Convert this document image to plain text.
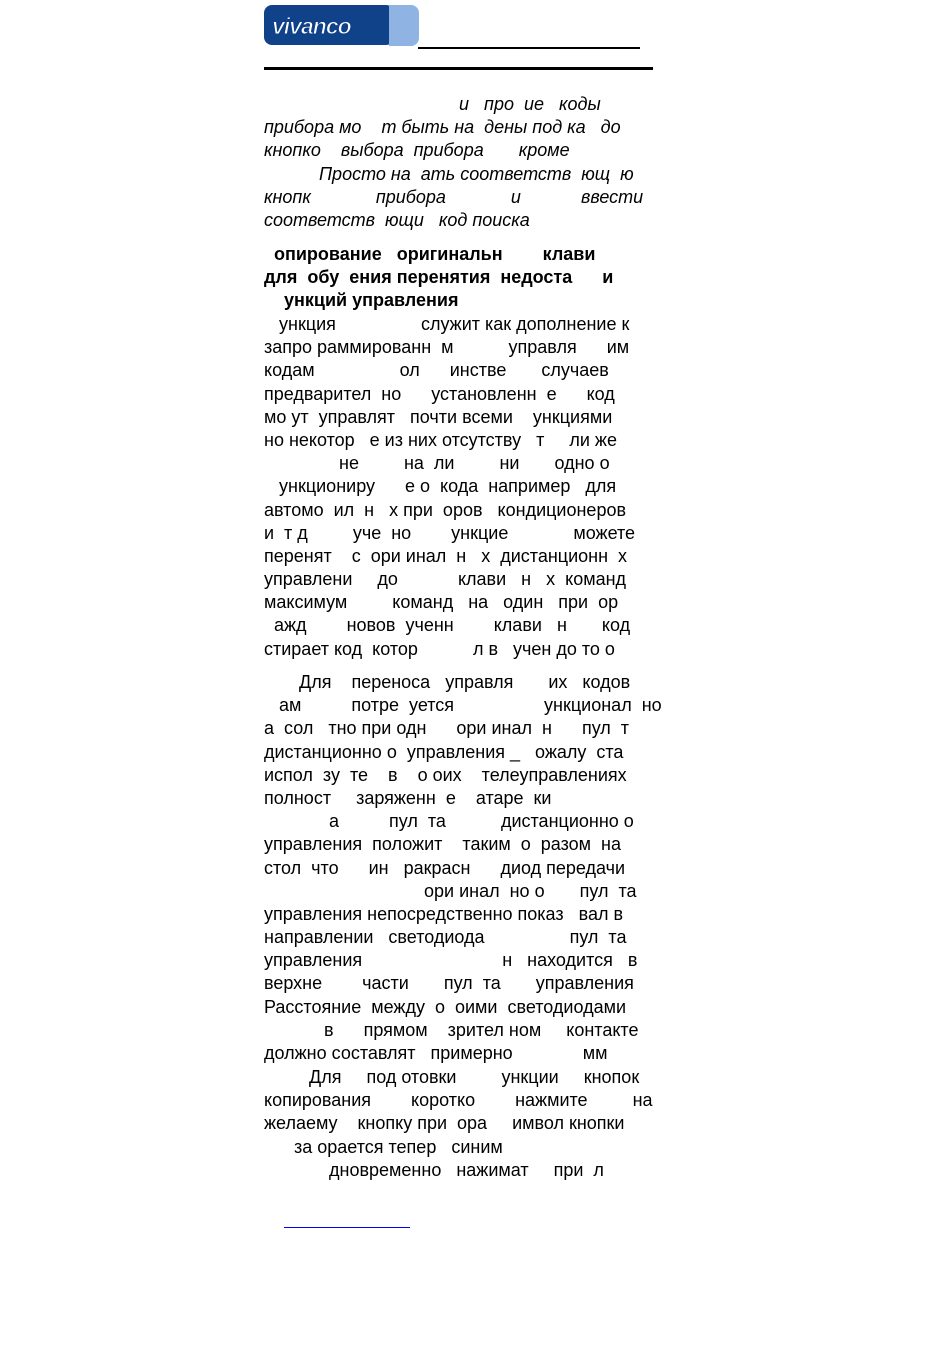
vivanco
и   про  ие   коды
прибора мо    т быть на  дены под ка   до
кнопко    выбора  прибора       кроме
Просто на  ать соответств  ющ  ю
кнопк             прибора             и            ввести
соответств  ющи   код поиска
опирование   оригинальн        клави
для  обу  ения перенятия  недоста      и
ункций управления
ункция                 служит как дополнение к
запро раммированн  м           управля      им
кодам                 ол      инстве       случаев
предварител  но      установленн  е      код
мо ут  управлят   почти всеми    ункциями
но некотор   е из них отсутству   т     ли же
не         на  ли         ни       одно о
ункциониру      е о  кода  например   для
автомо  ил  н   х при  оров   кондиционеров
и  т д         уче  но        ункцие             можете
перенят    с  ори инал  н   х  дистанционн  х
управлени     до            клави   н   х  команд
максимум         команд   на   один   при  ор
ажд        новов  ученн        клави   н       код
стирает код  котор           л в   учен до то о
Для    переноса   управля       их   кодов
ам          потре  уется                  ункционал  но
а  сол   тно при одн      ори инал  н      пул  т
дистанционно о  управления _   ожалу  ста
испол  зу  те    в    о оих    телеуправлениях
полност     заряженн  е    атаре  ки
а          пул  та           дистанционно о
управления  положит    таким  о  разом  на
стол  что      ин   ракрасн      диод передачи
ори инал  но о       пул  та
управления непосредственно показ   вал в
направлении   светодиода                 пул  та
управления                            н   находится   в
верхне        части       пул  та       управления
Расстояние  между  о  оими  светодиодами
в      прямом    зрител ном     контакте
должно составлят   примерно              мм
Для     под отовки         ункции     кнопок
копирования        коротко        нажмите         на
желаему    кнопку при  ора     имвол кнопки
за орается тепер   синим
дновременно   нажимат     при  л
